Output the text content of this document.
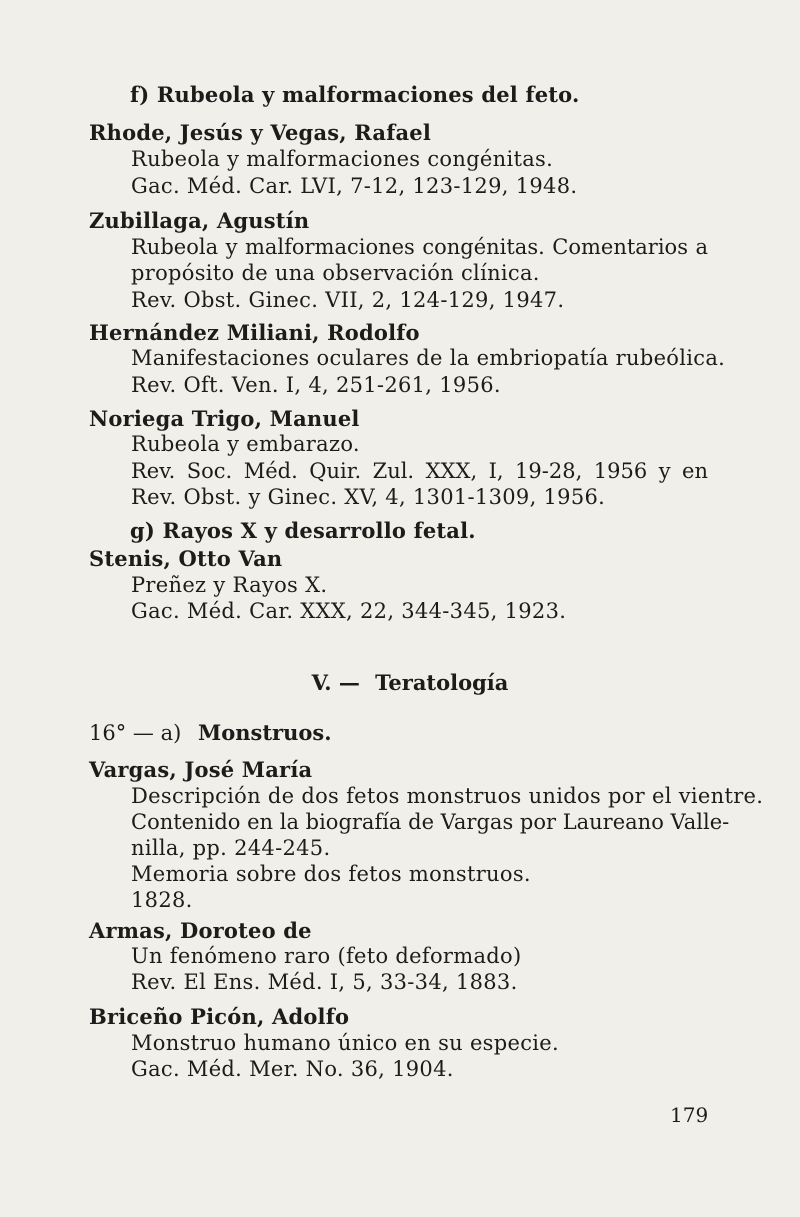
f) Rubeola y malformaciones del feto.
Rhode, Jesús y Vegas, Rafael
Rubeola y malformaciones congénitas.
Gac. Méd. Car. LVI, 7-12, 123-129, 1948.
Zubillaga, Agustín
Rubeola y malformaciones congénitas. Comentarios a
propósito de una observación clínica.
Rev. Obst. Ginec. VII, 2, 124-129, 1947.
Hernández Miliani, Rodolfo
Manifestaciones oculares de la embriopatía rubeólica.
Rev. Oft. Ven. I, 4, 251-261, 1956.
Noriega Trigo, Manuel
Rubeola y embarazo.
Rev. Soc. Méd. Quir. Zul. XXX, I, 19-28, 1956 y en
Rev. Obst. y Ginec. XV, 4, 1301-1309, 1956.
g) Rayos X y desarrollo fetal.
Stenis, Otto Van
Preñez y Rayos X.
Gac. Méd. Car. XXX, 22, 344-345, 1923.
V. — Teratología
16° — a) Monstruos.
Vargas, José María
Descripción de dos fetos monstruos unidos por el vientre.
Contenido en la biografía de Vargas por Laureano Valle-
nilla, pp. 244-245.
Memoria sobre dos fetos monstruos.
1828.
Armas, Doroteo de
Un fenómeno raro (feto deformado)
Rev. El Ens. Méd. I, 5, 33-34, 1883.
Briceño Picón, Adolfo
Monstruo humano único en su especie.
Gac. Méd. Mer. No. 36, 1904.
179
